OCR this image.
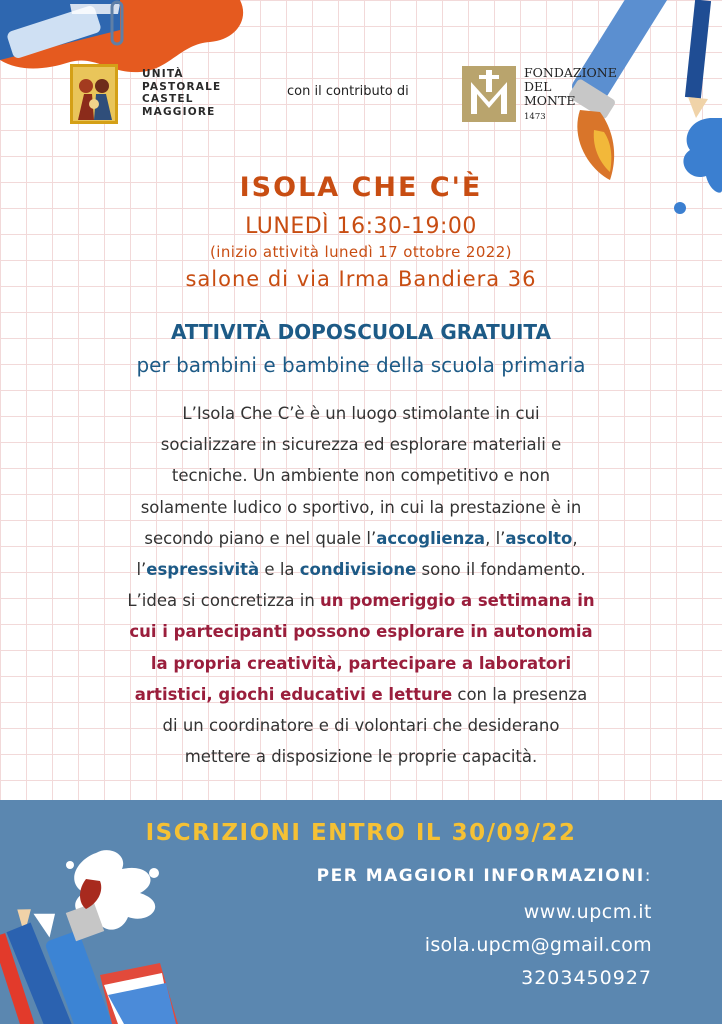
UNITÀ
PASTORALE
CASTEL
MAGGIORE
con il contributo di
FONDAZIONE
DEL
MONTE
1473
ISOLA CHE C'È
LUNEDÌ 16:30-19:00
(inizio attività lunedì 17 ottobre 2022)
salone di via Irma Bandiera 36
ATTIVITÀ DOPOSCUOLA GRATUITA
per bambini e bambine della scuola primaria
L’Isola Che C’è è un luogo stimolante in cui
socializzare in sicurezza ed esplorare materiali e
tecniche. Un ambiente non competitivo e non
solamente ludico o sportivo, in cui la prestazione è in
secondo piano e nel quale l’accoglienza, l’ascolto,
l’espressività e la condivisione sono il fondamento.
L’idea si concretizza in un pomeriggio a settimana in
cui i partecipanti possono esplorare in autonomia
la propria creatività, partecipare a laboratori
artistici, giochi educativi e letture con la presenza
di un coordinatore e di volontari che desiderano
mettere a disposizione le proprie capacità.
ISCRIZIONI ENTRO IL 30/09/22
PER MAGGIORI INFORMAZIONI:
www.upcm.it
isola.upcm@gmail.com
3203450927
